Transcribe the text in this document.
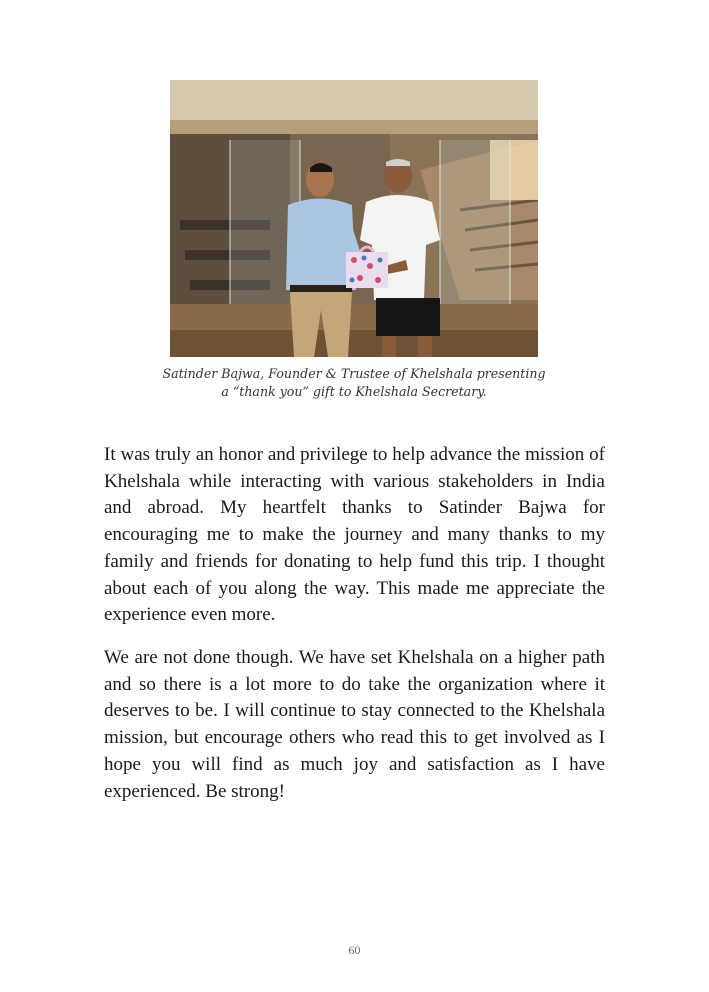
Satinder Bajwa, Founder & Trustee of Khelshala presenting
a “thank you” gift to Khelshala Secretary.

It was truly an honor and privilege to help advance the mission of Khelshala while interacting with various stakeholders in India and abroad. My heartfelt thanks to Satinder Bajwa for encouraging me to make the journey and many thanks to my family and friends for donating to help fund this trip. I thought about each of you along the way. This made me appreciate the experience even more.

We are not done though. We have set Khelshala on a higher path and so there is a lot more to do take the organization where it deserves to be. I will continue to stay connected to the Khelshala mission, but encourage others who read this to get involved as I hope you will find as much joy and satisfaction as I have experienced. Be strong!

60
